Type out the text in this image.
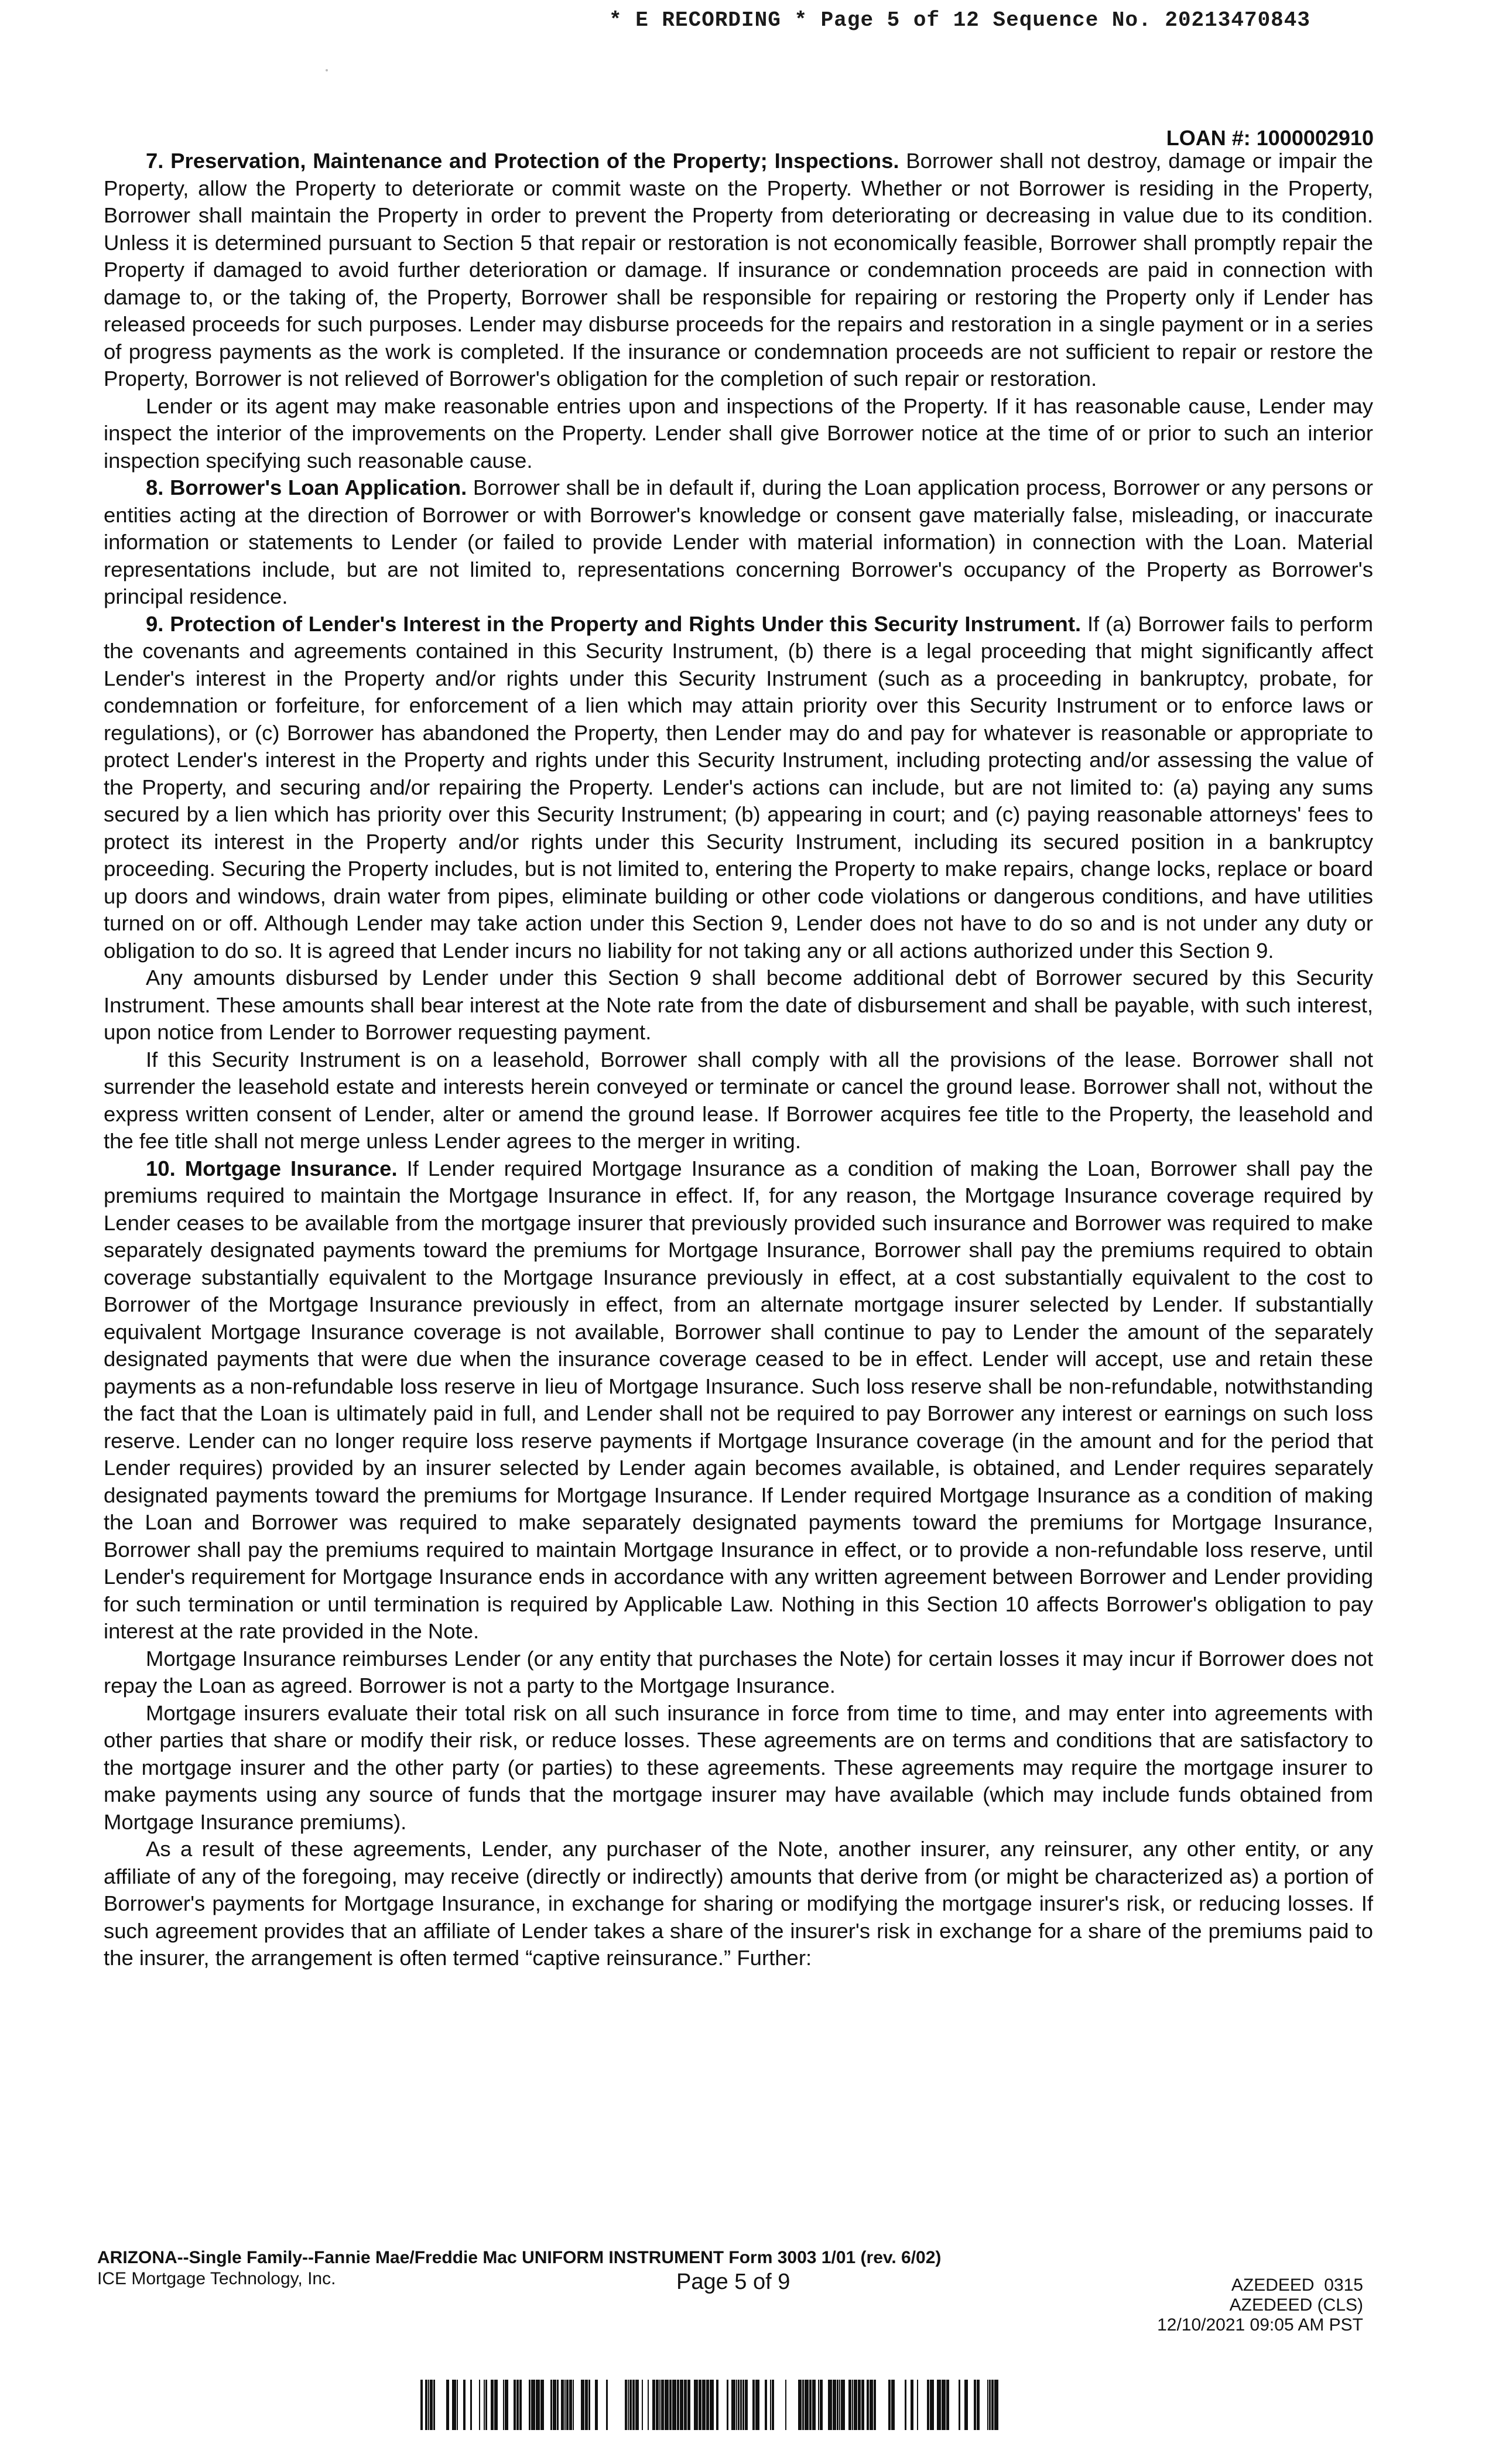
* E RECORDING * Page 5 of 12 Sequence No. 20213470843
LOAN #: 1000002910

7. Preservation, Maintenance and Protection of the Property; Inspections. Borrower shall not destroy, damage or impair the Property, allow the Property to deteriorate or commit waste on the Property. Whether or not Borrower is residing in the Property, Borrower shall maintain the Property in order to prevent the Property from deteriorating or decreasing in value due to its condition. Unless it is determined pursuant to Section 5 that repair or restoration is not economically feasible, Borrower shall promptly repair the Property if damaged to avoid further deterioration or damage. If insurance or condemnation proceeds are paid in connection with damage to, or the taking of, the Property, Borrower shall be responsible for repairing or restoring the Property only if Lender has released proceeds for such purposes. Lender may disburse proceeds for the repairs and restoration in a single payment or in a series of progress payments as the work is completed. If the insurance or condemnation proceeds are not sufficient to repair or restore the Property, Borrower is not relieved of Borrower's obligation for the completion of such repair or restoration.

Lender or its agent may make reasonable entries upon and inspections of the Property. If it has reasonable cause, Lender may inspect the interior of the improvements on the Property. Lender shall give Borrower notice at the time of or prior to such an interior inspection specifying such reasonable cause.

8. Borrower's Loan Application. Borrower shall be in default if, during the Loan application process, Borrower or any persons or entities acting at the direction of Borrower or with Borrower's knowledge or consent gave materially false, misleading, or inaccurate information or statements to Lender (or failed to provide Lender with material information) in connection with the Loan. Material representations include, but are not limited to, representations concerning Borrower's occupancy of the Property as Borrower's principal residence.

9. Protection of Lender's Interest in the Property and Rights Under this Security Instrument. If (a) Borrower fails to perform the covenants and agreements contained in this Security Instrument, (b) there is a legal proceeding that might significantly affect Lender's interest in the Property and/or rights under this Security Instrument (such as a proceeding in bankruptcy, probate, for condemnation or forfeiture, for enforcement of a lien which may attain priority over this Security Instrument or to enforce laws or regulations), or (c) Borrower has abandoned the Property, then Lender may do and pay for whatever is reasonable or appropriate to protect Lender's interest in the Property and rights under this Security Instrument, including protecting and/or assessing the value of the Property, and securing and/or repairing the Property. Lender's actions can include, but are not limited to: (a) paying any sums secured by a lien which has priority over this Security Instrument; (b) appearing in court; and (c) paying reasonable attorneys' fees to protect its interest in the Property and/or rights under this Security Instrument, including its secured position in a bankruptcy proceeding. Securing the Property includes, but is not limited to, entering the Property to make repairs, change locks, replace or board up doors and windows, drain water from pipes, eliminate building or other code violations or dangerous conditions, and have utilities turned on or off. Although Lender may take action under this Section 9, Lender does not have to do so and is not under any duty or obligation to do so. It is agreed that Lender incurs no liability for not taking any or all actions authorized under this Section 9.

Any amounts disbursed by Lender under this Section 9 shall become additional debt of Borrower secured by this Security Instrument. These amounts shall bear interest at the Note rate from the date of disbursement and shall be payable, with such interest, upon notice from Lender to Borrower requesting payment.

If this Security Instrument is on a leasehold, Borrower shall comply with all the provisions of the lease. Borrower shall not surrender the leasehold estate and interests herein conveyed or terminate or cancel the ground lease. Borrower shall not, without the express written consent of Lender, alter or amend the ground lease. If Borrower acquires fee title to the Property, the leasehold and the fee title shall not merge unless Lender agrees to the merger in writing.

10. Mortgage Insurance. If Lender required Mortgage Insurance as a condition of making the Loan, Borrower shall pay the premiums required to maintain the Mortgage Insurance in effect. If, for any reason, the Mortgage Insurance coverage required by Lender ceases to be available from the mortgage insurer that previously provided such insurance and Borrower was required to make separately designated payments toward the premiums for Mortgage Insurance, Borrower shall pay the premiums required to obtain coverage substantially equivalent to the Mortgage Insurance previously in effect, at a cost substantially equivalent to the cost to Borrower of the Mortgage Insurance previously in effect, from an alternate mortgage insurer selected by Lender. If substantially equivalent Mortgage Insurance coverage is not available, Borrower shall continue to pay to Lender the amount of the separately designated payments that were due when the insurance coverage ceased to be in effect. Lender will accept, use and retain these payments as a non-refundable loss reserve in lieu of Mortgage Insurance. Such loss reserve shall be non-refundable, notwithstanding the fact that the Loan is ultimately paid in full, and Lender shall not be required to pay Borrower any interest or earnings on such loss reserve. Lender can no longer require loss reserve payments if Mortgage Insurance coverage (in the amount and for the period that Lender requires) provided by an insurer selected by Lender again becomes available, is obtained, and Lender requires separately designated payments toward the premiums for Mortgage Insurance. If Lender required Mortgage Insurance as a condition of making the Loan and Borrower was required to make separately designated payments toward the premiums for Mortgage Insurance, Borrower shall pay the premiums required to maintain Mortgage Insurance in effect, or to provide a non-refundable loss reserve, until Lender's requirement for Mortgage Insurance ends in accordance with any written agreement between Borrower and Lender providing for such termination or until termination is required by Applicable Law. Nothing in this Section 10 affects Borrower's obligation to pay interest at the rate provided in the Note.

Mortgage Insurance reimburses Lender (or any entity that purchases the Note) for certain losses it may incur if Borrower does not repay the Loan as agreed. Borrower is not a party to the Mortgage Insurance.

Mortgage insurers evaluate their total risk on all such insurance in force from time to time, and may enter into agreements with other parties that share or modify their risk, or reduce losses. These agreements are on terms and conditions that are satisfactory to the mortgage insurer and the other party (or parties) to these agreements. These agreements may require the mortgage insurer to make payments using any source of funds that the mortgage insurer may have available (which may include funds obtained from Mortgage Insurance premiums).

As a result of these agreements, Lender, any purchaser of the Note, another insurer, any reinsurer, any other entity, or any affiliate of any of the foregoing, may receive (directly or indirectly) amounts that derive from (or might be characterized as) a portion of Borrower's payments for Mortgage Insurance, in exchange for sharing or modifying the mortgage insurer's risk, or reducing losses. If such agreement provides that an affiliate of Lender takes a share of the insurer's risk in exchange for a share of the premiums paid to the insurer, the arrangement is often termed “captive reinsurance.” Further:

ARIZONA--Single Family--Fannie Mae/Freddie Mac UNIFORM INSTRUMENT Form 3003 1/01 (rev. 6/02)
ICE Mortgage Technology, Inc.	Page 5 of 9	AZEDEED  0315
AZEDEED (CLS)
12/10/2021 09:05 AM PST
